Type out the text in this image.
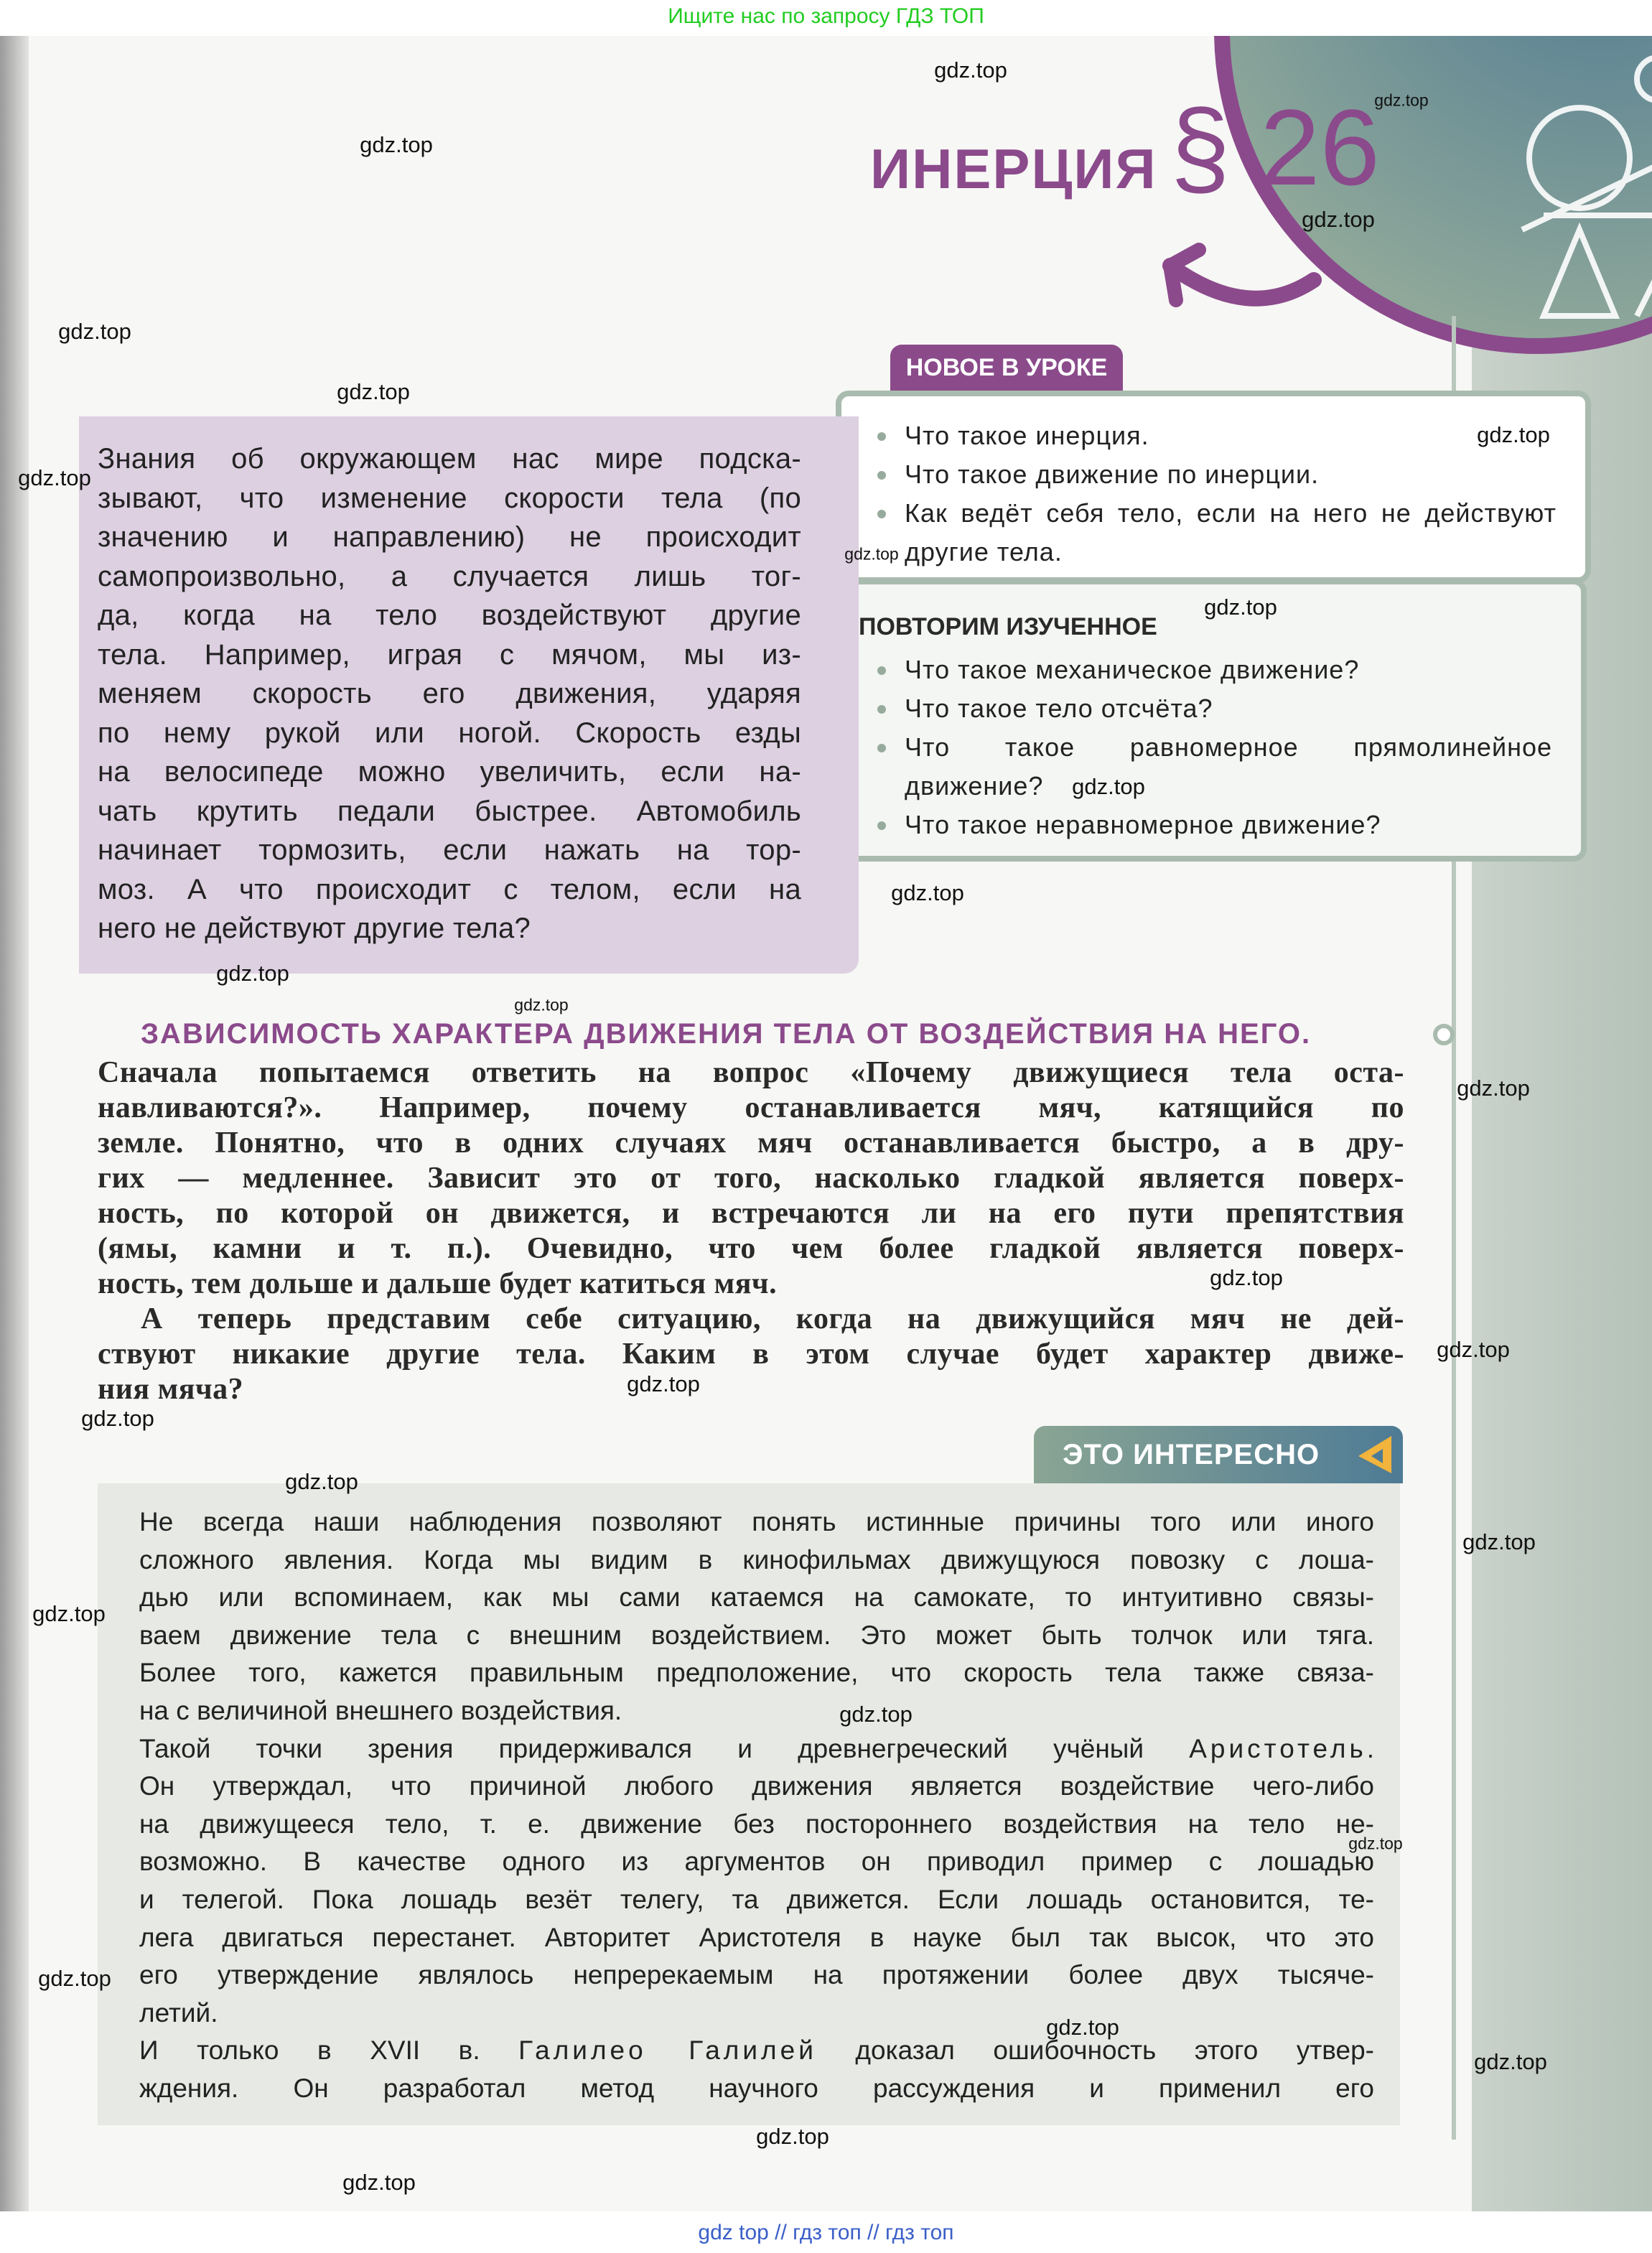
Ищите нас по запросу ГДЗ ТОП
ИНЕРЦИЯ § 26
НОВОЕ В УРОКЕ
Что такое инерция.
Что такое движение по инерции.
Как ведёт себя тело, если на него не действуют другие тела.
ПОВТОРИМ ИЗУЧЕННОЕ
Что такое механическое движение?
Что такое тело отсчёта?
Что такое равномерное прямолинейное движение?
Что такое неравномерное движение?
Знания об окружающем нас мире подска-
зывают, что изменение скорости тела (по
значению и направлению) не происходит
самопроизвольно, а случается лишь тог-
да, когда на тело воздействуют другие
тела. Например, играя с мячом, мы из-
меняем скорость его движения, ударяя
по нему рукой или ногой. Скорость езды
на велосипеде можно увеличить, если на-
чать крутить педали быстрее. Автомобиль
начинает тормозить, если нажать на тор-
моз. А что происходит с телом, если на
него не действуют другие тела?
ЗАВИСИМОСТЬ ХАРАКТЕРА ДВИЖЕНИЯ ТЕЛА ОТ ВОЗДЕЙСТВИЯ НА НЕГО.
Сначала попытаемся ответить на вопрос «Почему движущиеся тела оста-
навливаются?». Например, почему останавливается мяч, катящийся по
земле. Понятно, что в одних случаях мяч останавливается быстро, а в дру-
гих — медленнее. Зависит это от того, насколько гладкой является поверх-
ность, по которой он движется, и встречаются ли на его пути препятствия
(ямы, камни и т. п.). Очевидно, что чем более гладкой является поверх-
ность, тем дольше и дальше будет катиться мяч.
А теперь представим себе ситуацию, когда на движущийся мяч не дей-
ствуют никакие другие тела. Каким в этом случае будет характер движе-
ния мяча?
ЭТО ИНТЕРЕСНО
Не всегда наши наблюдения позволяют понять истинные причины того или иного
сложного явления. Когда мы видим в кинофильмах движущуюся повозку с лоша-
дью или вспоминаем, как мы сами катаемся на самокате, то интуитивно связы-
ваем движение тела с внешним воздействием. Это может быть толчок или тяга.
Более того, кажется правильным предположение, что скорость тела также связа-
на с величиной внешнего воздействия.
Такой точки зрения придерживался и древнегреческий учёный Аристотель.
Он утверждал, что причиной любого движения является воздействие чего-либо
на движущееся тело, т. е. движение без постороннего воздействия на тело не-
возможно. В качестве одного из аргументов он приводил пример с лошадью
и телегой. Пока лошадь везёт телегу, та движется. Если лошадь остановится, те-
лега двигаться перестанет. Авторитет Аристотеля в науке был так высок, что это
его утверждение являлось непререкаемым на протяжении более двух тысяче-
летий.
И только в XVII в. Галилео Галилей доказал ошибочность этого утвер-
ждения. Он разработал метод научного рассуждения и применил его
gdz top // гдз топ // гдз топ
gdz.top
gdz.top
gdz.top
gdz.top
gdz.top
gdz.top
gdz.top
gdz.top
gdz.top
gdz.top
gdz.top
gdz.top
gdz.top
gdz.top
gdz.top
gdz.top
gdz.top
gdz.top
gdz.top
gdz.top
gdz.top
gdz.top
gdz.top
gdz.top
gdz.top
gdz.top
gdz.top
gdz.top
gdz.top
